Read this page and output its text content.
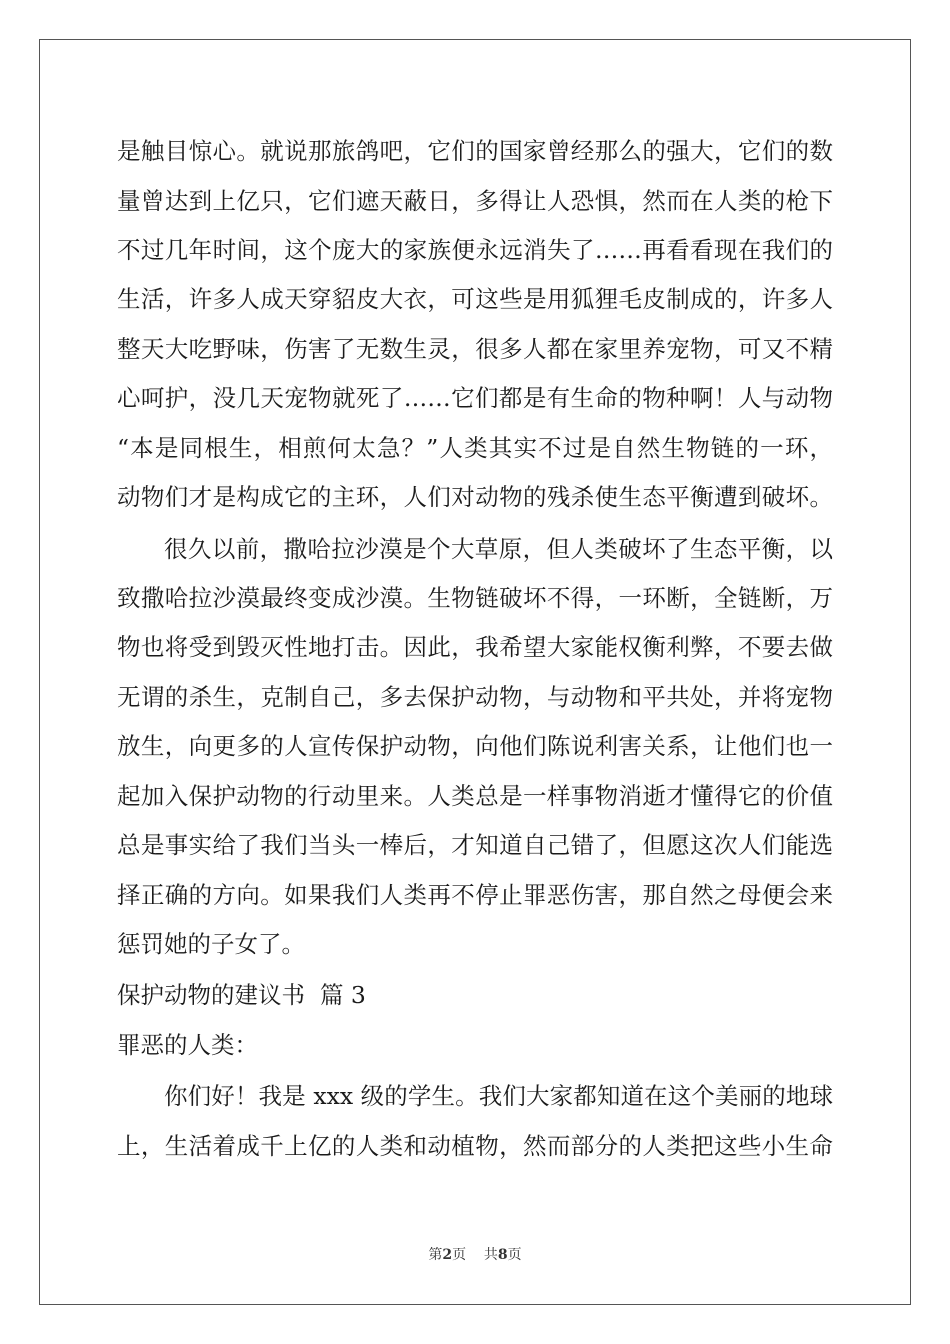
是触目惊心。就说那旅鸽吧，它们的国家曾经那么的强大，它们的数
量曾达到上亿只，它们遮天蔽日，多得让人恐惧，然而在人类的枪下
不过几年时间，这个庞大的家族便永远消失了……再看看现在我们的
生活，许多人成天穿貂皮大衣，可这些是用狐狸毛皮制成的，许多人
整天大吃野味，伤害了无数生灵，很多人都在家里养宠物，可又不精
心呵护，没几天宠物就死了……它们都是有生命的物种啊！人与动物
“本是同根生，相煎何太急？”人类其实不过是自然生物链的一环，
动物们才是构成它的主环，人们对动物的残杀使生态平衡遭到破坏。
很久以前，撒哈拉沙漠是个大草原，但人类破坏了生态平衡，以
致撒哈拉沙漠最终变成沙漠。生物链破坏不得，一环断，全链断，万
物也将受到毁灭性地打击。因此，我希望大家能权衡利弊，不要去做
无谓的杀生，克制自己，多去保护动物，与动物和平共处，并将宠物
放生，向更多的人宣传保护动物，向他们陈说利害关系，让他们也一
起加入保护动物的行动里来。人类总是一样事物消逝才懂得它的价值
总是事实给了我们当头一棒后，才知道自己错了，但愿这次人们能选
择正确的方向。如果我们人类再不停止罪恶伤害，那自然之母便会来
惩罚她的子女了。
保护动物的建议书  篇 3
罪恶的人类：
你们好！我是 xxx 级的学生。我们大家都知道在这个美丽的地球
上，生活着成千上亿的人类和动植物，然而部分的人类把这些小生命
第2页    共8页
